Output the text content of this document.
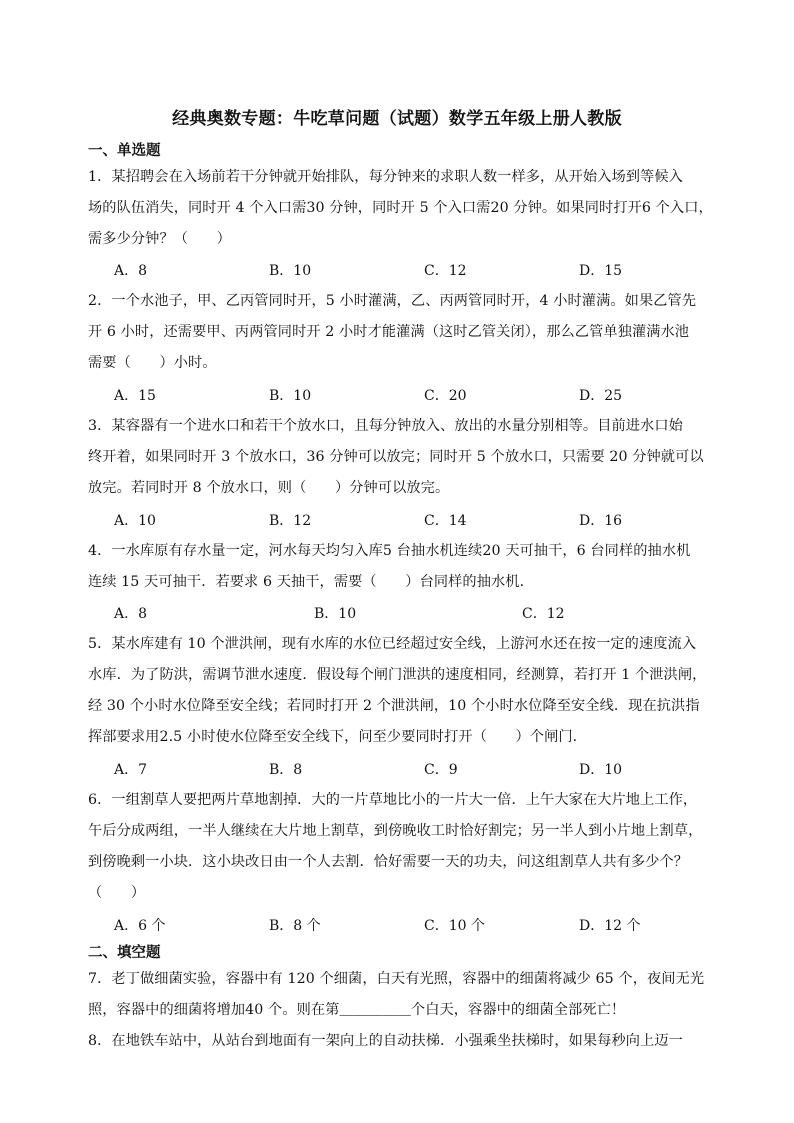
经典奥数专题：牛吃草问题（试题）数学五年级上册人教版
一、单选题
1．某招聘会在入场前若干分钟就开始排队，每分钟来的求职人数一样多，从开始入场到等候入
场的队伍消失，同时开 4 个入口需30 分钟，同时开 5 个入口需20 分钟。如果同时打开6 个入口，
需多少分钟？（　　）
A．8	B．10	C．12	D．15
2．一个水池子，甲、乙丙管同时开，5 小时灌满，乙、丙两管同时开，4 小时灌满。如果乙管先
开 6 小时，还需要甲、丙两管同时开 2 小时才能灌满（这时乙管关闭），那么乙管单独灌满水池
需要（　　）小时。
A．15	B．10	C．20	D．25
3．某容器有一个进水口和若干个放水口，且每分钟放入、放出的水量分别相等。目前进水口始
终开着，如果同时开 3 个放水口，36 分钟可以放完；同时开 5 个放水口，只需要 20 分钟就可以
放完。若同时开 8 个放水口，则（　　）分钟可以放完。
A．10	B．12	C．14	D．16
4．一水库原有存水量一定，河水每天均匀入库5 台抽水机连续20 天可抽干，6 台同样的抽水机
连续 15 天可抽干．若要求 6 天抽干，需要（　　）台同样的抽水机．
A．8	B．10	C．12
5．某水库建有 10 个泄洪闸，现有水库的水位已经超过安全线，上游河水还在按一定的速度流入
水库．为了防洪，需调节泄水速度．假设每个闸门泄洪的速度相同，经测算，若打开 1 个泄洪闸，
经 30 个小时水位降至安全线；若同时打开 2 个泄洪闸，10 个小时水位降至安全线．现在抗洪指
挥部要求用2.5 小时使水位降至安全线下，问至少要同时打开（　　）个闸门．
A．7	B．8	C．9	D．10
6．一组割草人要把两片草地割掉．大的一片草地比小的一片大一倍．上午大家在大片地上工作，
午后分成两组，一半人继续在大片地上割草，到傍晚收工时恰好割完；另一半人到小片地上割草，
到傍晚剩一小块．这小块改日由一个人去割．恰好需要一天的功夫，问这组割草人共有多少个？
（　　）
A．6 个	B．8 个	C．10 个	D．12 个
二、填空题
7．老丁做细菌实验，容器中有 120 个细菌，白天有光照，容器中的细菌将减少 65 个，夜间无光
照，容器中的细菌将增加40 个。则在第＿＿＿＿＿个白天，容器中的细菌全部死亡！
8．在地铁车站中，从站台到地面有一架向上的自动扶梯．小强乘坐扶梯时，如果每秒向上迈一
